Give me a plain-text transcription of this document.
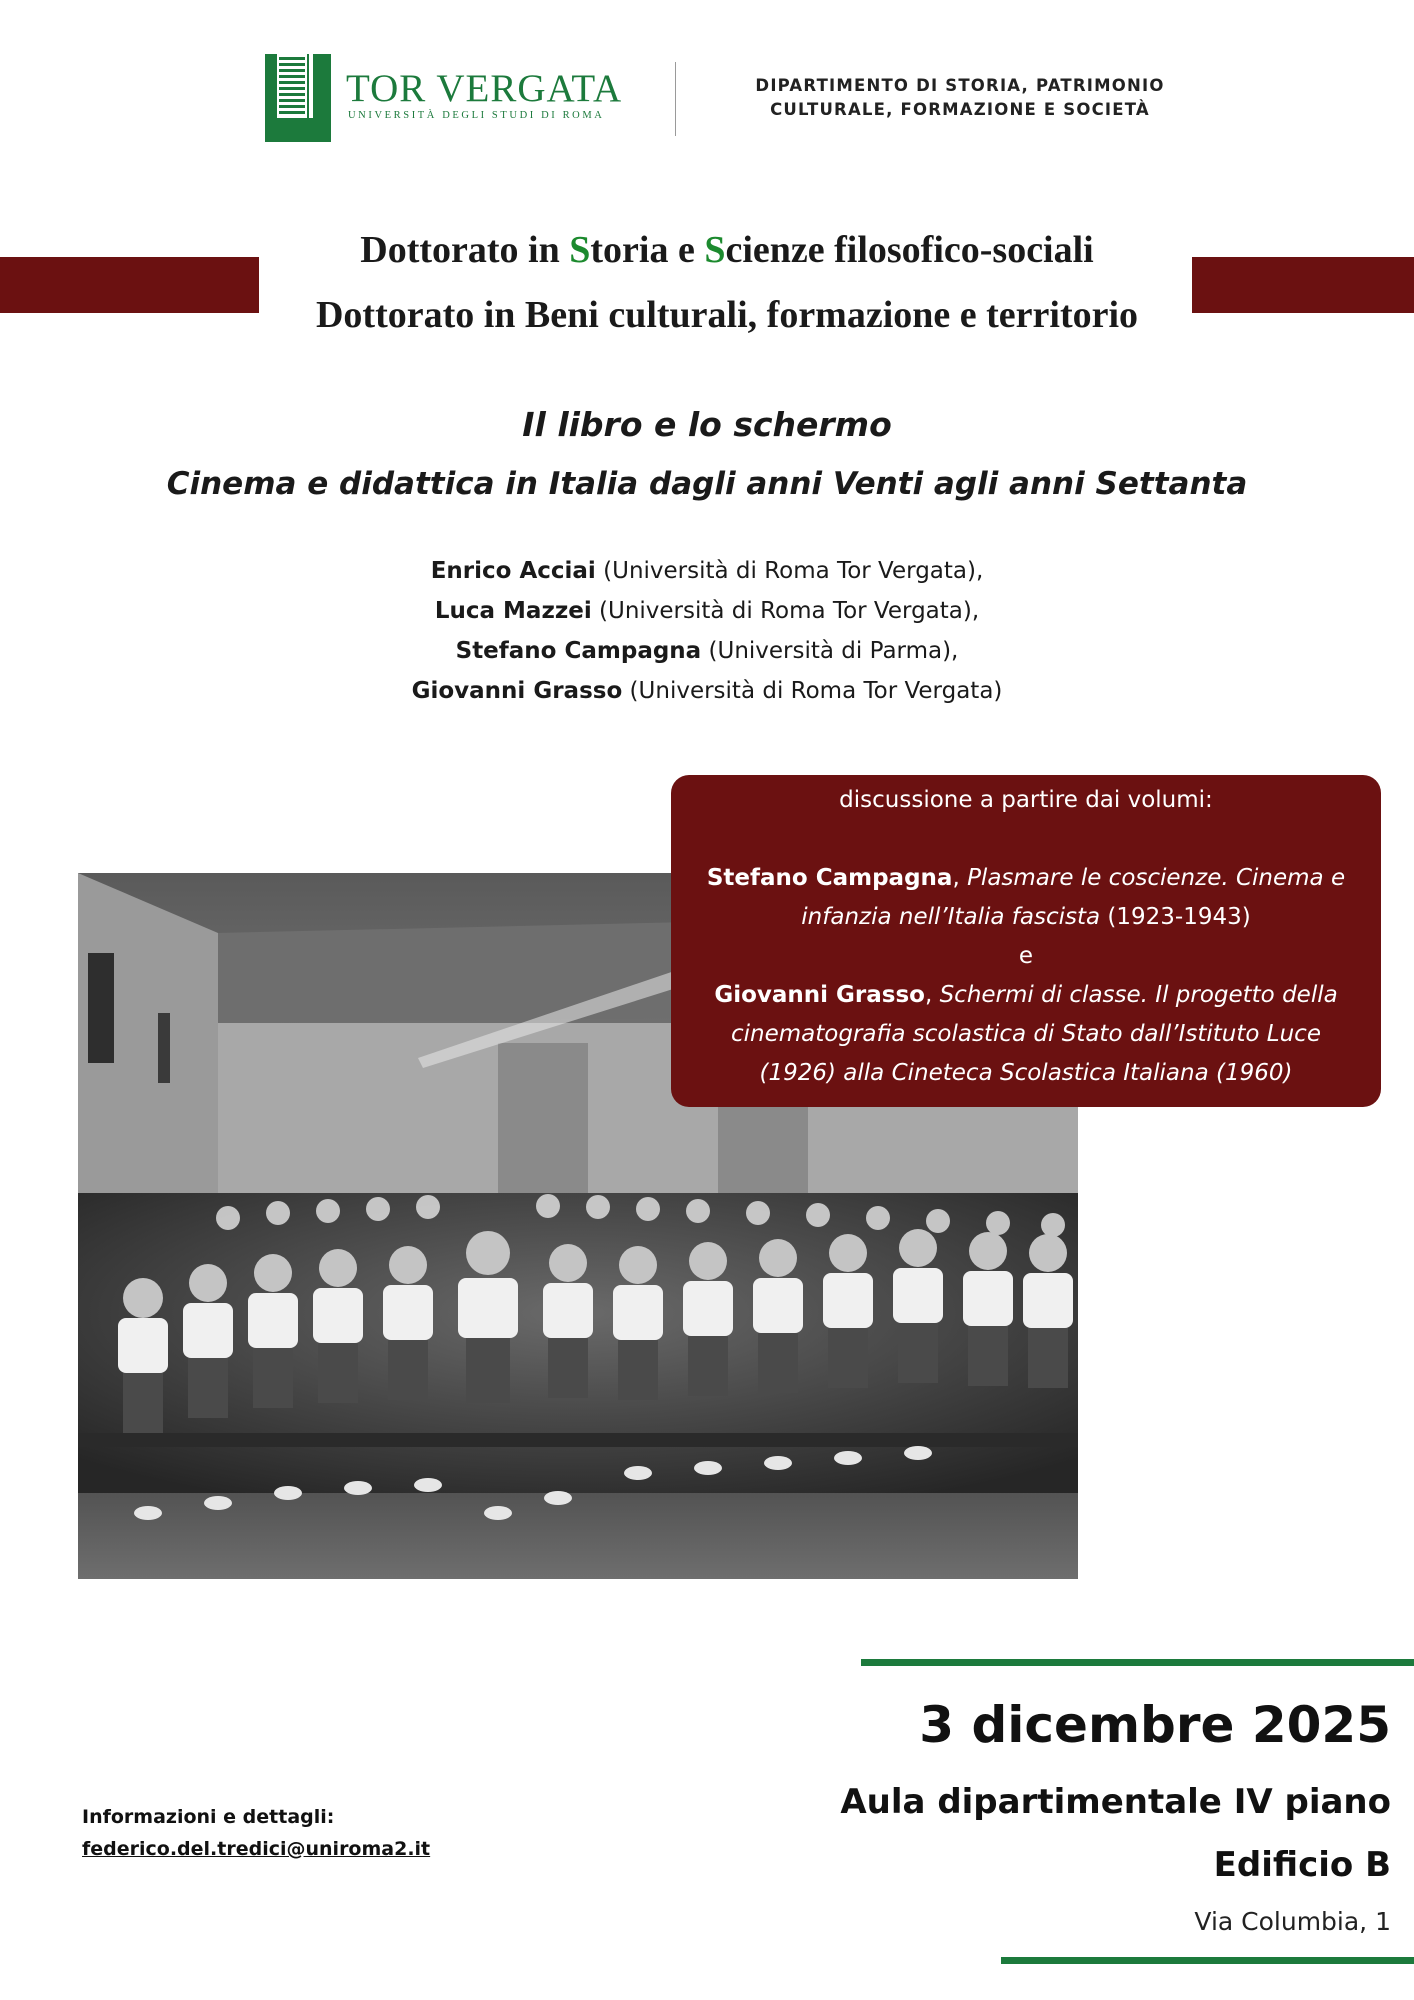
TOR VERGATA
UNIVERSITÀ DEGLI STUDI DI ROMA
DIPARTIMENTO DI STORIA, PATRIMONIO
CULTURALE, FORMAZIONE E SOCIETÀ
Dottorato in Storia e Scienze filosofico-sociali
Dottorato in Beni culturali, formazione e territorio
Il libro e lo schermo
Cinema e didattica in Italia dagli anni Venti agli anni Settanta
Enrico Acciai (Università di Roma Tor Vergata),
Luca Mazzei (Università di Roma Tor Vergata),
Stefano Campagna (Università di Parma),
Giovanni Grasso (Università di Roma Tor Vergata)
discussione a partire dai volumi:
Stefano Campagna, Plasmare le coscienze. Cinema e
infanzia nell’Italia fascista (1923-1943)
e
Giovanni Grasso, Schermi di classe. Il progetto della
cinematografia scolastica di Stato dall’Istituto Luce
(1926) alla Cineteca Scolastica Italiana (1960)
3 dicembre 2025
Aula dipartimentale IV piano
Edificio B
Via Columbia, 1
Informazioni e dettagli:
federico.del.tredici@uniroma2.it
